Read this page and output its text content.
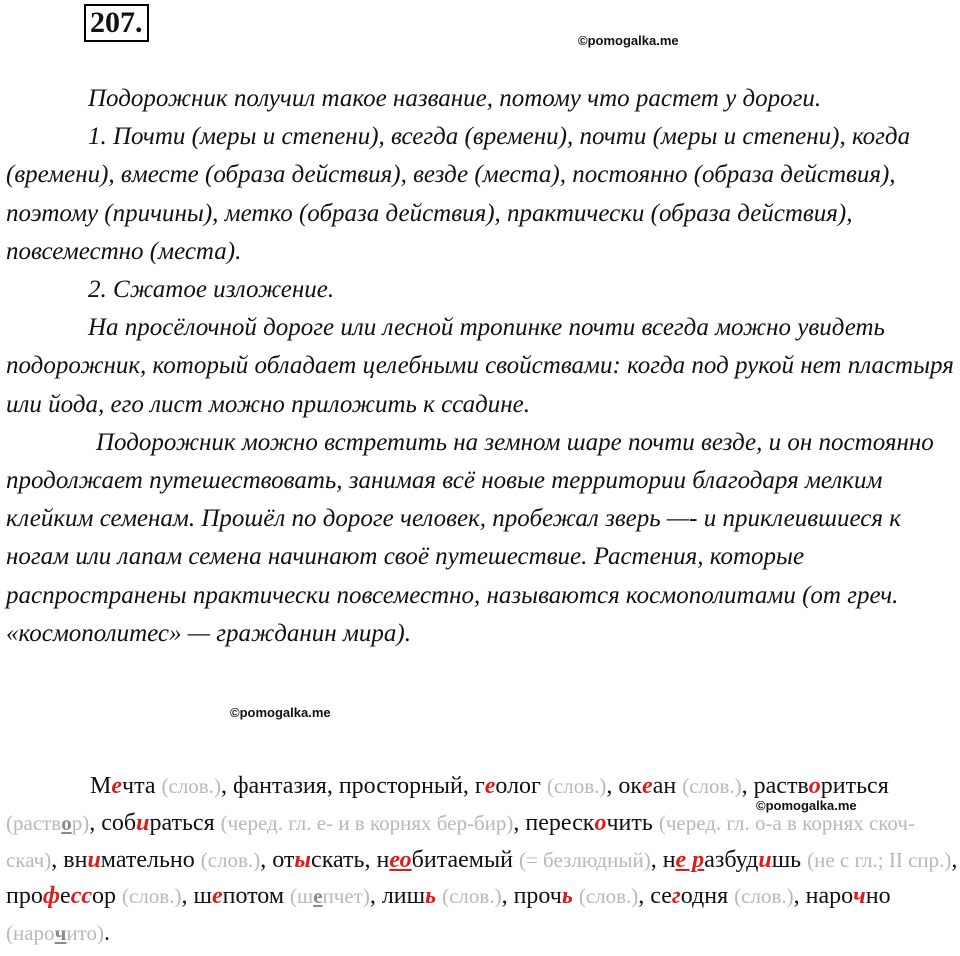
207.
©pomogalka.me

Подорожник получил такое название, потому что растет у дороги.

1. Почти (меры и степени), всегда (времени), почти (меры и степени), когда (времени), вместе (образа действия), везде (места), постоянно (образа действия), поэтому (причины), метко (образа действия), практически (образа действия), повсеместно (места).

2. Сжатое изложение.

На просёлочной дороге или лесной тропинке почти всегда можно увидеть подорожник, который обладает целебными свойствами: когда под рукой нет пластыря или йода, его лист можно приложить к ссадине.

Подорожник можно встретить на земном шаре почти везде, и он постоянно продолжает путешествовать, занимая всё новые территории благодаря мелким клейким семенам. Прошёл по дороге человек, пробежал зверь —- и приклеившиеся к ногам или лапам семена начинают своё путешествие. Растения, которые распространены практически повсеместно, называются космополитами (от греч. «космополитес» — гражданин мира).

©pomogalka.me
©pomogalka.me

Мечта (слов.), фантазия, просторный, геолог (слов.), океан (слов.), раствориться (раствор), собираться (черед. гл. е- и в корнях бер-бир), перескочить (черед. гл. о-а в корнях скоч- скач), внимательно (слов.), отыскать, необитаемый (= безлюдный), не разбудишь (не с гл.; II спр.), профессор (слов.), шепотом (шепчет), лишь (слов.), прочь (слов.), сегодня (слов.), нарочно (нарочито).
